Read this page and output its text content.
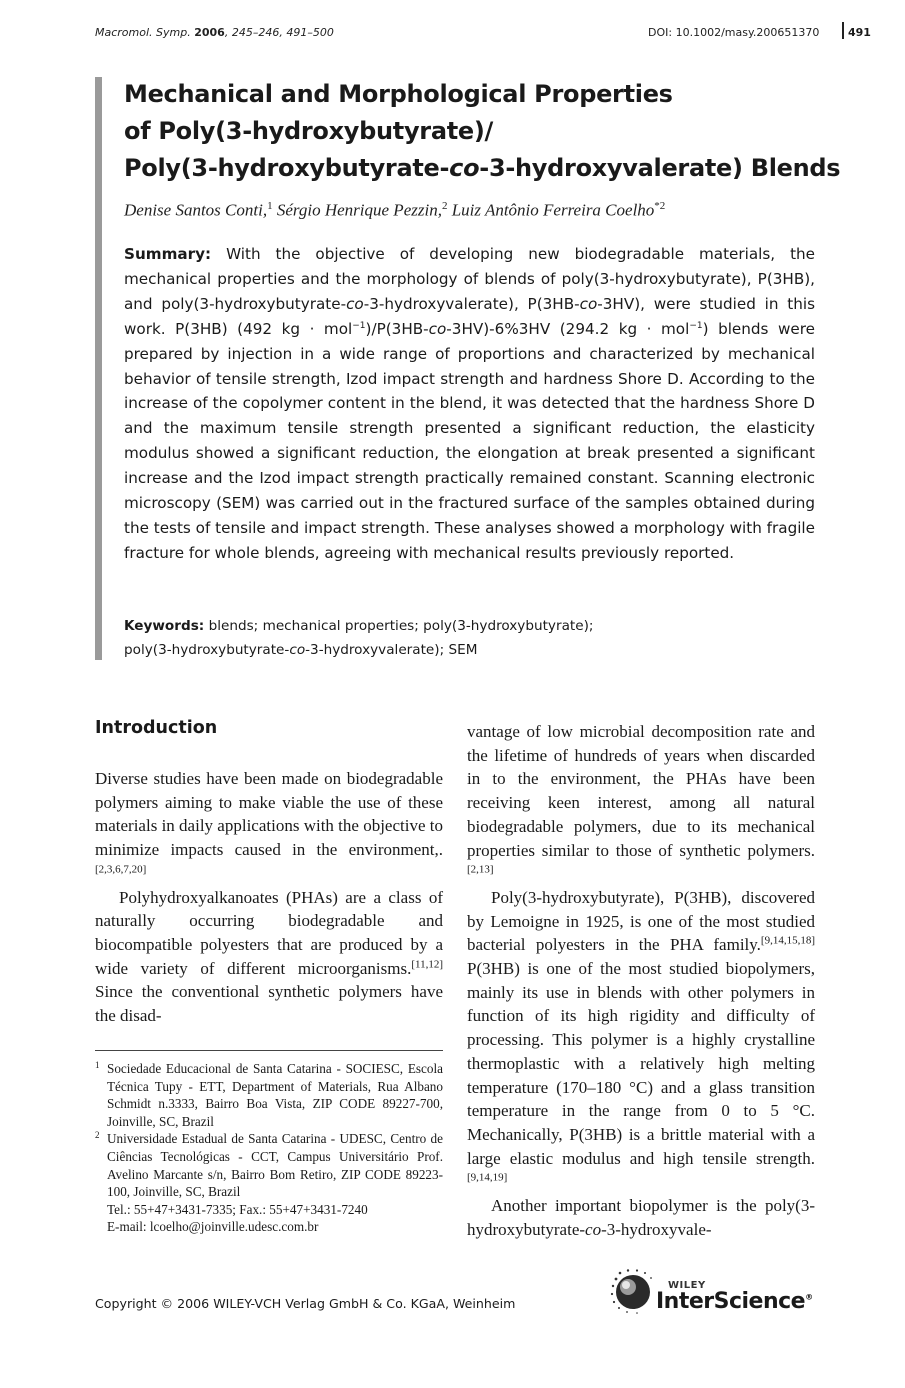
Macromol. Symp. 2006, 245–246, 491–500	DOI: 10.1002/masy.200651370	491
Mechanical and Morphological Properties
of Poly(3-hydroxybutyrate)/
Poly(3-hydroxybutyrate-co-3-hydroxyvalerate) Blends
Denise Santos Conti,$^1$ Sérgio Henrique Pezzin,$^2$ Luiz Antônio Ferreira Coelho$^{*2}$
Summary: With the objective of developing new biodegradable materials, the mechanical properties and the morphology of blends of poly(3-hydroxybutyrate), P(3HB), and poly(3-hydroxybutyrate-co-3-hydroxyvalerate), P(3HB-co-3HV), were studied in this work. P(3HB) (492 kg · mol$^{-1}$)/P(3HB-co-3HV)-6%3HV (294.2 kg · mol$^{-1}$) blends were prepared by injection in a wide range of proportions and characterized by mechanical behavior of tensile strength, Izod impact strength and hardness Shore D. According to the increase of the copolymer content in the blend, it was detected that the hardness Shore D and the maximum tensile strength presented a significant reduction, the elasticity modulus showed a significant reduction, the elongation at break presented a significant increase and the Izod impact strength practically remained constant. Scanning electronic microscopy (SEM) was carried out in the fractured surface of the samples obtained during the tests of tensile and impact strength. These analyses showed a morphology with fragile fracture for whole blends, agreeing with mechanical results previously reported.
Keywords: blends; mechanical properties; poly(3-hydroxybutyrate);
poly(3-hydroxybutyrate-co-3-hydroxyvalerate); SEM
Introduction

Diverse studies have been made on biodegradable polymers aiming to make viable the use of these materials in daily applications with the objective to minimize impacts caused in the environment,.[2,3,6,7,20]

Polyhydroxyalkanoates (PHAs) are a class of naturally occurring biodegradable and biocompatible polyesters that are produced by a wide variety of different microorganisms.[11,12] Since the conventional synthetic polymers have the disad-

vantage of low microbial decomposition rate and the lifetime of hundreds of years when discarded in to the environment, the PHAs have been receiving keen interest, among all natural biodegradable polymers, due to its mechanical properties similar to those of synthetic polymers.[2,13]

Poly(3-hydroxybutyrate), P(3HB), discovered by Lemoigne in 1925, is one of the most studied bacterial polyesters in the PHA family.[9,14,15,18] P(3HB) is one of the most studied biopolymers, mainly its use in blends with other polymers in function of its high rigidity and difficulty of processing. This polymer is a highly crystalline thermoplastic with a relatively high melting temperature (170–180 °C) and a glass transition temperature in the range from 0 to 5 °C. Mechanically, P(3HB) is a brittle material with a large elastic modulus and high tensile strength.[9,14,19]

Another important biopolymer is the poly(3-hydroxybutyrate-co-3-hydroxyvale-

1 Sociedade Educacional de Santa Catarina - SOCIESC, Escola Técnica Tupy - ETT, Department of Materials, Rua Albano Schmidt n.3333, Bairro Boa Vista, ZIP CODE 89227-700, Joinville, SC, Brazil
2 Universidade Estadual de Santa Catarina - UDESC, Centro de Ciências Tecnológicas - CCT, Campus Universitário Prof. Avelino Marcante s/n, Bairro Bom Retiro, ZIP CODE 89223-100, Joinville, SC, Brazil
Tel.: 55+47+3431-7335; Fax.: 55+47+3431-7240
E-mail: lcoelho@joinville.udesc.com.br
Copyright © 2006 WILEY-VCH Verlag GmbH & Co. KGaA, Weinheim
WILEY
InterScience®
